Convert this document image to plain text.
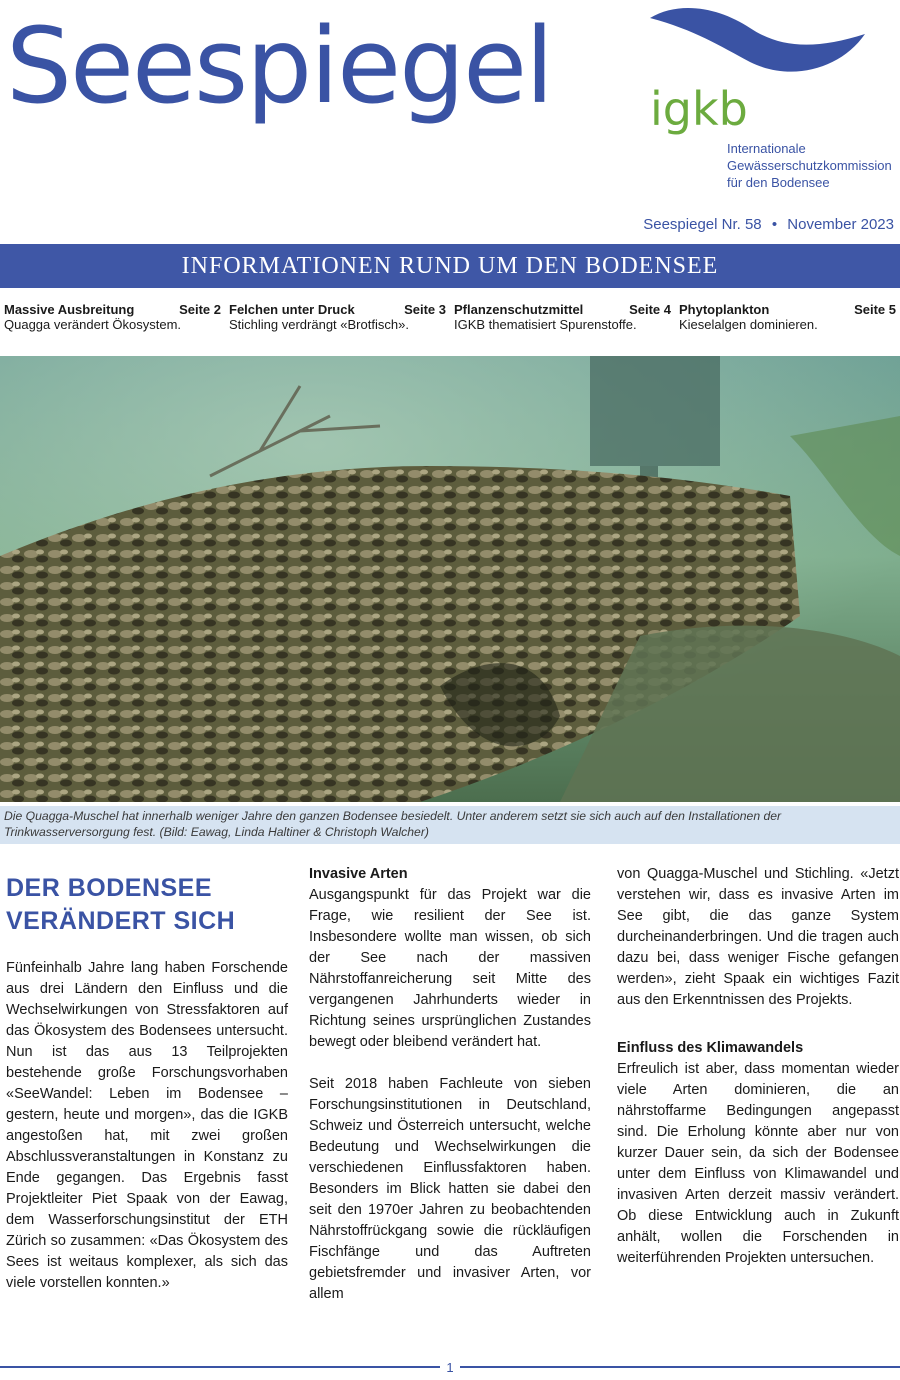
Seespiegel igkb
Internationale
Gewässerschutzkommission
für den Bodensee
Seespiegel Nr. 58 • November 2023
INFORMATIONEN RUND UM DEN BODENSEE
Massive Ausbreitung	Seite 2
Quagga verändert Ökosystem.
Felchen unter Druck	Seite 3
Stichling verdrängt «Brotfisch».
Pflanzenschutzmittel	Seite 4
IGKB thematisiert Spurenstoffe.
Phytoplankton	Seite 5
Kieselalgen dominieren.
Die Quagga-Muschel hat innerhalb weniger Jahre den ganzen Bodensee besiedelt. Unter anderem setzt sie sich auch auf den Installationen der Trinkwasserversorgung fest. (Bild: Eawag, Linda Haltiner & Christoph Walcher)
DER BODENSEE
VERÄNDERT SICH

Fünfeinhalb Jahre lang haben Forschende aus drei Ländern den Einfluss und die Wechselwirkungen von Stressfaktoren auf das Ökosystem des Bodensees untersucht. Nun ist das aus 13 Teilprojekten bestehende große Forschungsvorhaben «SeeWandel: Leben im Bodensee – gestern, heute und morgen», das die IGKB angestoßen hat, mit zwei großen Abschlussveranstaltungen in Konstanz zu Ende gegangen. Das Ergebnis fasst Projektleiter Piet Spaak von der Eawag, dem Wasserforschungsinstitut der ETH Zürich so zusammen: «Das Ökosystem des Sees ist weitaus komplexer, als sich das viele vorstellen konnten.»

Invasive Arten

Ausgangspunkt für das Projekt war die Frage, wie resilient der See ist. Insbesondere wollte man wissen, ob sich der See nach der massiven Nährstoffanreicherung seit Mitte des vergangenen Jahrhunderts wieder in Richtung seines ursprünglichen Zustandes bewegt oder bleibend verändert hat.

Seit 2018 haben Fachleute von sieben Forschungsinstitutionen in Deutschland, Schweiz und Österreich untersucht, welche Bedeutung und Wechselwirkungen die verschiedenen Einflussfaktoren haben. Besonders im Blick hatten sie dabei den seit den 1970er Jahren zu beobachtenden Nährstoffrückgang sowie die rückläufigen Fischfänge und das Auftreten gebietsfremder und invasiver Arten, vor allem

von Quagga-Muschel und Stichling. «Jetzt verstehen wir, dass es invasive Arten im See gibt, die das ganze System durcheinanderbringen. Und die tragen auch dazu bei, dass weniger Fische gefangen werden», zieht Spaak ein wichtiges Fazit aus den Erkenntnissen des Projekts.

Einfluss des Klimawandels

Erfreulich ist aber, dass momentan wieder viele Arten dominieren, die an nährstoffarme Bedingungen angepasst sind. Die Erholung könnte aber nur von kurzer Dauer sein, da sich der Bodensee unter dem Einfluss von Klimawandel und invasiven Arten derzeit massiv verändert. Ob diese Entwicklung auch in Zukunft anhält, wollen die Forschenden in weiterführenden Projekten untersuchen.

1
